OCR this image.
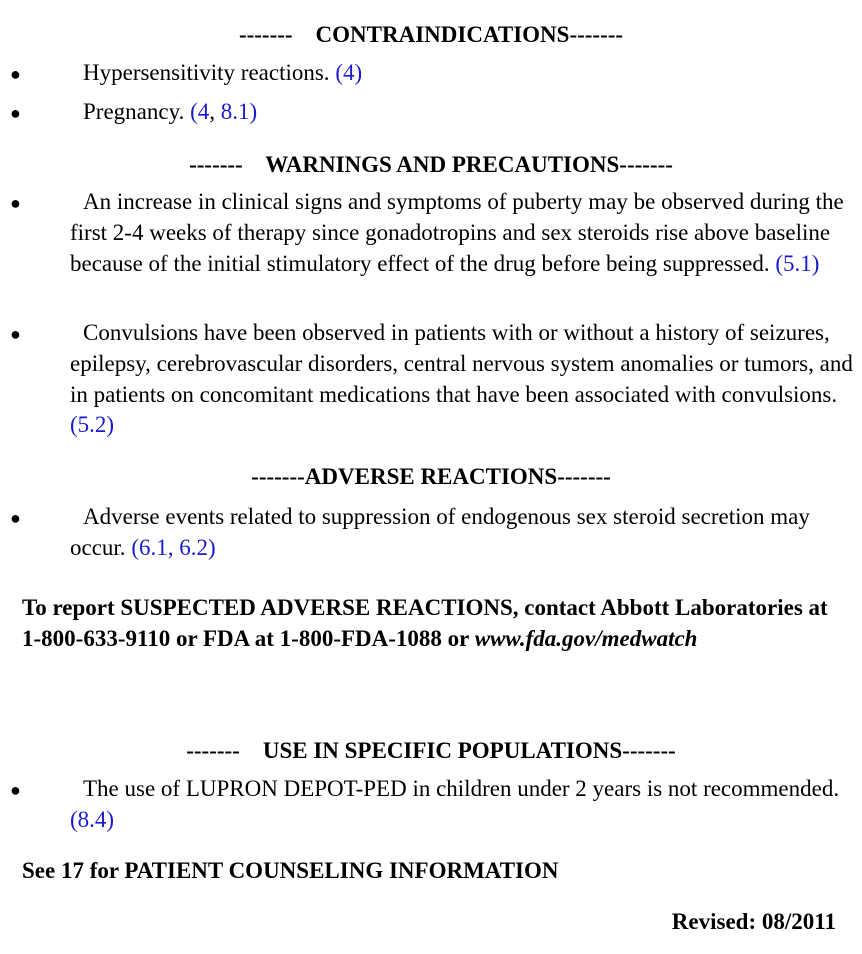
-------    CONTRAINDICATIONS-------
●	Hypersensitivity reactions. (4)
●	Pregnancy. (4, 8.1)
-------    WARNINGS AND PRECAUTIONS-------
●	An increase in clinical signs and symptoms of puberty may be observed during the first 2-4 weeks of therapy since gonadotropins and sex steroids rise above baseline because of the initial stimulatory effect of the drug before being suppressed. (5.1)
●	Convulsions have been observed in patients with or without a history of seizures, epilepsy, cerebrovascular disorders, central nervous system anomalies or tumors, and in patients on concomitant medications that have been associated with convulsions. (5.2)
-------ADVERSE REACTIONS-------
●	Adverse events related to suppression of endogenous sex steroid secretion may occur. (6.1, 6.2)
To report SUSPECTED ADVERSE REACTIONS, contact Abbott Laboratories at 1-800-633-9110 or FDA at 1-800-FDA-1088 or www.fda.gov/medwatch
-------    USE IN SPECIFIC POPULATIONS-------
●	The use of LUPRON DEPOT-PED in children under 2 years is not recommended. (8.4)
See 17 for PATIENT COUNSELING INFORMATION
Revised: 08/2011
